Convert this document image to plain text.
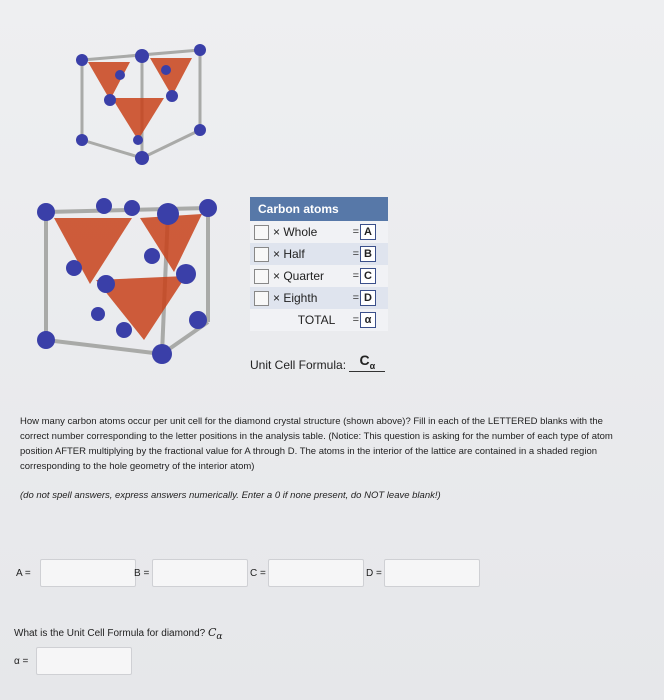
Carbon atoms	
× Whole	= A
× Half	= B
× Quarter	= C
× Eighth	= D
TOTAL	= α
Unit Cell Formula: $C_\alpha$
How many carbon atoms occur per unit cell for the diamond crystal structure (shown above)? Fill in each of the LETTERED blanks with the correct number corresponding to the letter positions in the analysis table. (Notice: This question is asking for the number of each type of atom position AFTER multiplying by the fractional value for A through D. The atoms in the interior of the lattice are contained in a shaded region corresponding to the hole geometry of the interior atom)
(do not spell answers, express answers numerically. Enter a 0 if none present, do NOT leave blank!)
A =	B =	C =	D =
What is the Unit Cell Formula for diamond? $C_\alpha$
α =
